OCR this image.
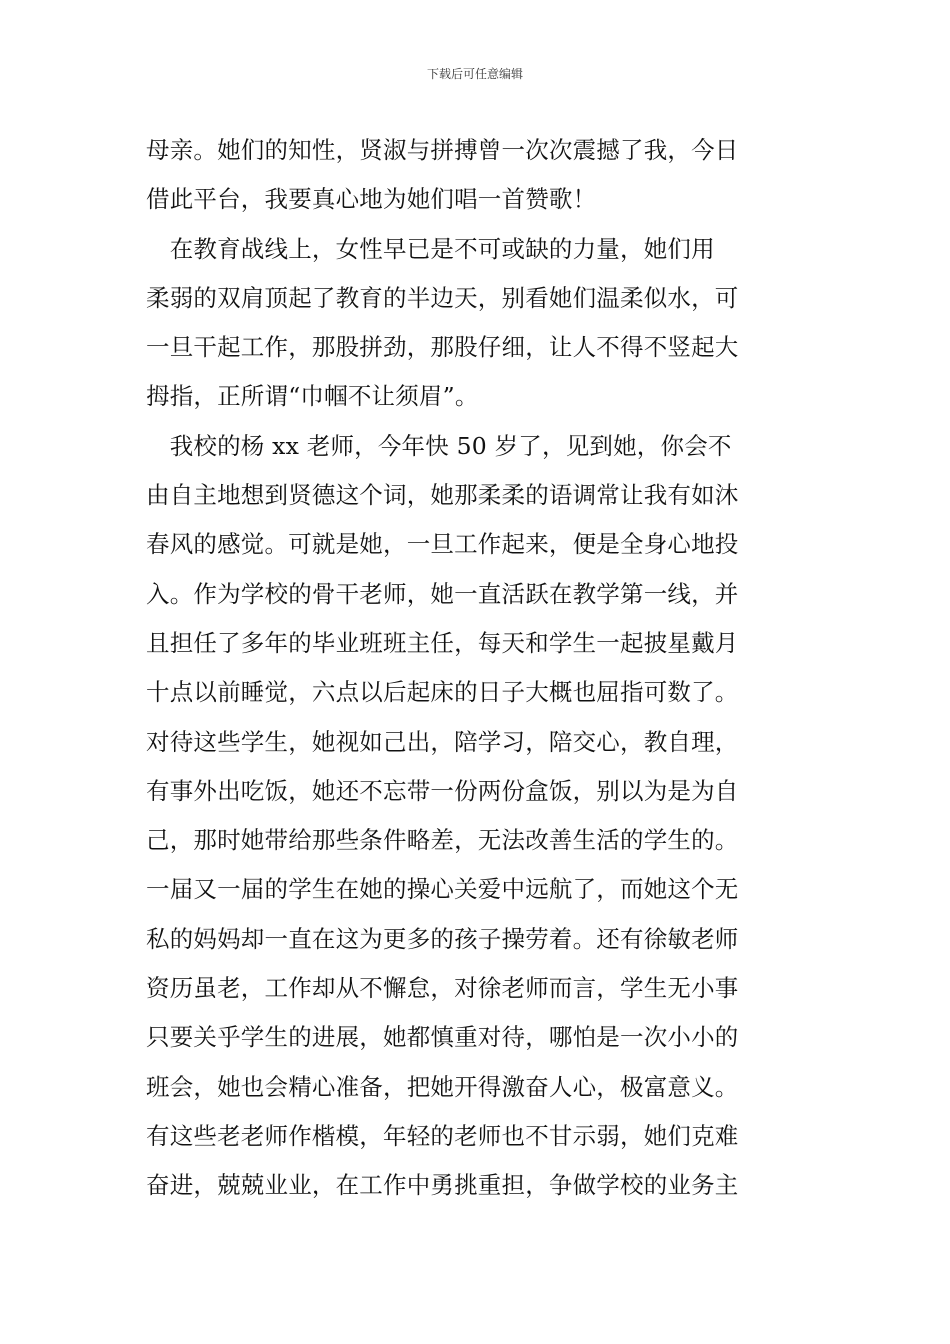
下载后可任意编辑
母亲。她们的知性，贤淑与拼搏曾一次次震撼了我，今日
借此平台，我要真心地为她们唱一首赞歌！
　在教育战线上，女性早已是不可或缺的力量，她们用
柔弱的双肩顶起了教育的半边天，别看她们温柔似水，可
一旦干起工作，那股拼劲，那股仔细，让人不得不竖起大
拇指，正所谓“巾帼不让须眉”。
　我校的杨 xx 老师，今年快 50 岁了，见到她，你会不
由自主地想到贤德这个词，她那柔柔的语调常让我有如沐
春风的感觉。可就是她，一旦工作起来，便是全身心地投
入。作为学校的骨干老师，她一直活跃在教学第一线，并
且担任了多年的毕业班班主任，每天和学生一起披星戴月
十点以前睡觉，六点以后起床的日子大概也屈指可数了。
对待这些学生，她视如己出，陪学习，陪交心，教自理，
有事外出吃饭，她还不忘带一份两份盒饭，别以为是为自
己，那时她带给那些条件略差，无法改善生活的学生的。
一届又一届的学生在她的操心关爱中远航了，而她这个无
私的妈妈却一直在这为更多的孩子操劳着。还有徐敏老师
资历虽老，工作却从不懈怠，对徐老师而言，学生无小事
只要关乎学生的进展，她都慎重对待，哪怕是一次小小的
班会，她也会精心准备，把她开得激奋人心，极富意义。
有这些老老师作楷模，年轻的老师也不甘示弱，她们克难
奋进，兢兢业业，在工作中勇挑重担，争做学校的业务主
